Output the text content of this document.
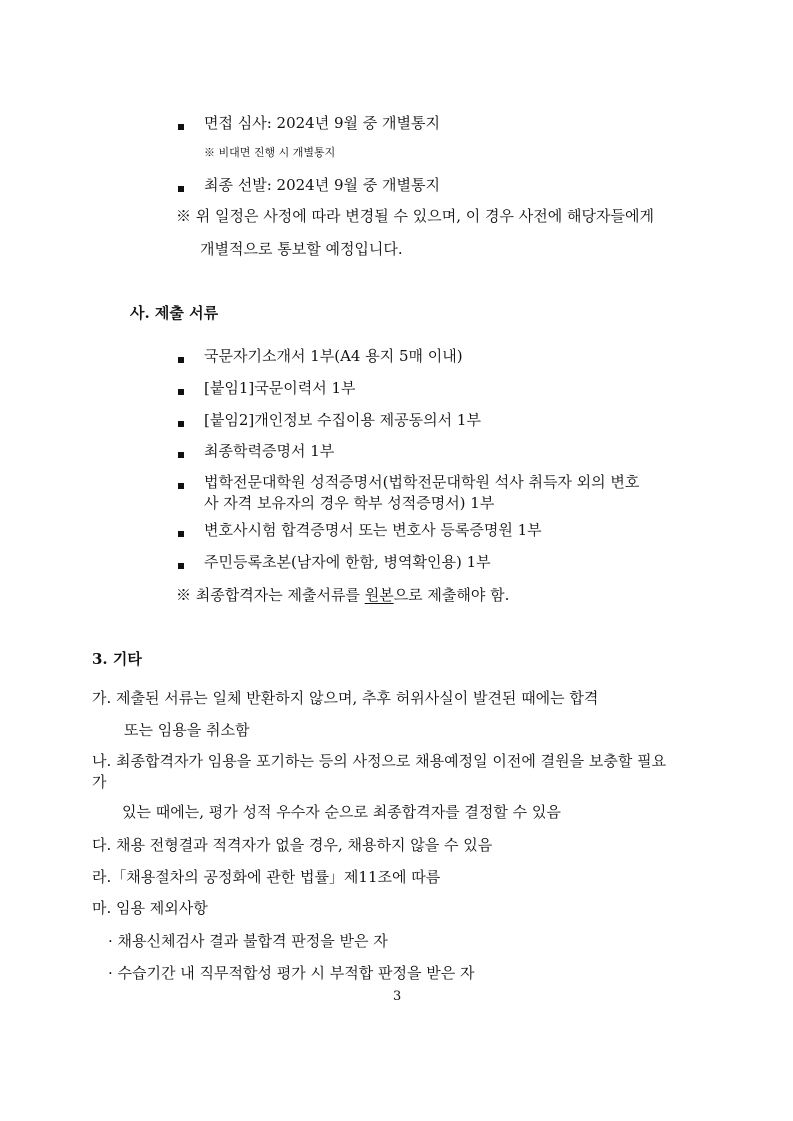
면접 심사: 2024년 9월 중 개별통지
※ 비대면 진행 시 개별통지
최종 선발: 2024년 9월 중 개별통지
※ 위 일정은 사정에 따라 변경될 수 있으며, 이 경우 사전에 해당자들에게
개별적으로 통보할 예정입니다.
사. 제출 서류
국문자기소개서 1부(A4 용지 5매 이내)
[붙임1]국문이력서 1부
[붙임2]개인정보 수집이용 제공동의서 1부
최종학력증명서 1부
법학전문대학원 성적증명서(법학전문대학원 석사 취득자 외의 변호
사 자격 보유자의 경우 학부 성적증명서) 1부
변호사시험 합격증명서 또는 변호사 등록증명원 1부
주민등록초본(남자에 한함, 병역확인용) 1부
※ 최종합격자는 제출서류를 원본으로 제출해야 함.
3. 기타
가. 제출된 서류는 일체 반환하지 않으며, 추후 허위사실이 발견된 때에는 합격
또는 임용을 취소함
나. 최종합격자가 임용을 포기하는 등의 사정으로 채용예정일 이전에 결원을 보충할 필요
가
있는 때에는, 평가 성적 우수자 순으로 최종합격자를 결정할 수 있음
다. 채용 전형결과 적격자가 없을 경우, 채용하지 않을 수 있음
라.「채용절차의 공정화에 관한 법률」제11조에 따름
마. 임용 제외사항
· 채용신체검사 결과 불합격 판정을 받은 자
· 수습기간 내 직무적합성 평가 시 부적합 판정을 받은 자
3
